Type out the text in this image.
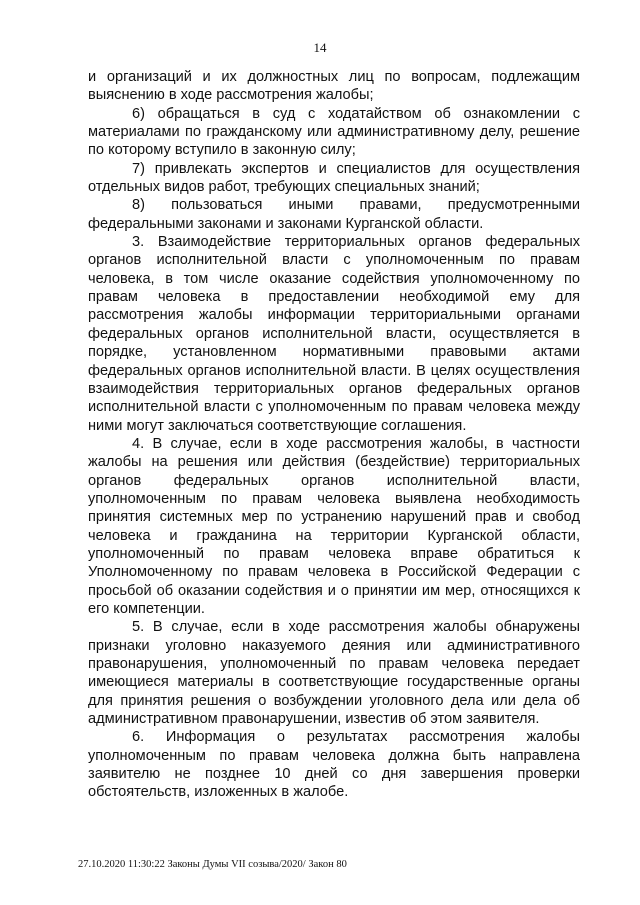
14

и организаций и их должностных лиц по вопросам, подлежащим выяснению в ходе рассмотрения жалобы;

6) обращаться в суд с ходатайством об ознакомлении с материалами по гражданскому или административному делу, решение по которому вступило в законную силу;

7) привлекать экспертов и специалистов для осуществления отдельных видов работ, требующих специальных знаний;

8) пользоваться иными правами, предусмотренными федеральными законами и законами Курганской области.

3. Взаимодействие территориальных органов федеральных органов исполнительной власти с уполномоченным по правам человека, в том числе оказание содействия уполномоченному по правам человека в предоставлении необходимой ему для рассмотрения жалобы информации территориальными органами федеральных органов исполнительной власти, осуществляется в порядке, установленном нормативными правовыми актами федеральных органов исполнительной власти. В целях осуществления взаимодействия территориальных органов федеральных органов исполнительной власти с уполномоченным по правам человека между ними могут заключаться соответствующие соглашения.

4. В случае, если в ходе рассмотрения жалобы, в частности жалобы на решения или действия (бездействие) территориальных органов федеральных органов исполнительной власти, уполномоченным по правам человека выявлена необходимость принятия системных мер по устранению нарушений прав и свобод человека и гражданина на территории Курганской области, уполномоченный по правам человека вправе обратиться к Уполномоченному по правам человека в Российской Федерации с просьбой об оказании содействия и о принятии им мер, относящихся к его компетенции.

5. В случае, если в ходе рассмотрения жалобы обнаружены признаки уголовно наказуемого деяния или административного правонарушения, уполномоченный по правам человека передает имеющиеся материалы в соответствующие государственные органы для принятия решения о возбуждении уголовного дела или дела об административном правонарушении, известив об этом заявителя.

6. Информация о результатах рассмотрения жалобы уполномоченным по правам человека должна быть направлена заявителю не позднее 10 дней со дня завершения проверки обстоятельств, изложенных в жалобе.

27.10.2020 11:30:22 Законы Думы VII созыва/2020/ Закон 80
